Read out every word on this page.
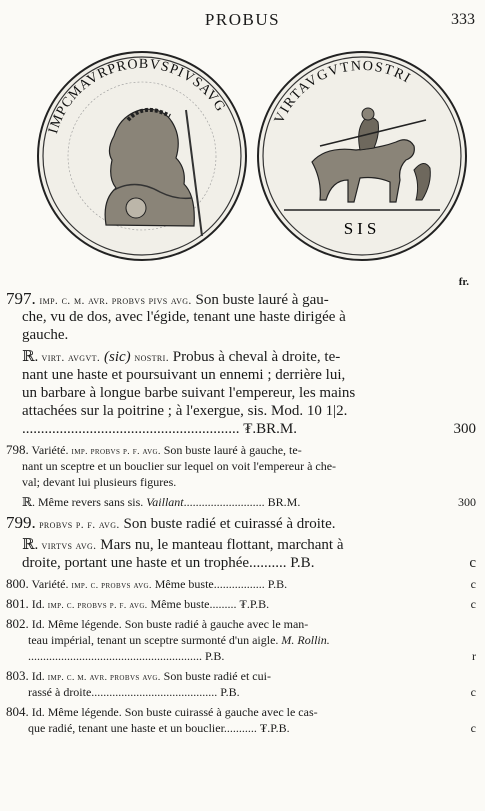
PROBUS	333
IMPCMAVRPROBVSPIVSAVG
VIRTAVGVTNOSTRI
SIS
fr.
797. imp. c. m. avr. probvs pivs avg. Son buste lauré à gau-
che, vu de dos, avec l'égide, tenant une haste dirigée à
gauche.
ℝ. virt. avgvt. (sic) nostri. Probus à cheval à droite, te-
nant une haste et poursuivant un ennemi ; derrière lui,
un barbare à longue barbe suivant l'empereur, les mains
attachées sur la poitrine ; à l'exergue, sis. Mod. 10 1|2.
.......................................................... ₮.BR.M.	300
798. Variété. imp. probvs p. f. avg. Son buste lauré à gauche, te-
nant un sceptre et un bouclier sur lequel on voit l'empereur à che-
val; devant lui plusieurs figures.
ℝ. Même revers sans sis. Vaillant........................... BR.M.	300
799. probvs p. f. avg. Son buste radié et cuirassé à droite.
ℝ. virtvs avg. Mars nu, le manteau flottant, marchant à
droite, portant une haste et un trophée.......... P.B.	c
800. Variété. imp. c. probvs avg. Même buste................. P.B.	c
801. Id. imp. c. probvs p. f. avg. Même buste......... ₮.P.B.	c
802. Id. Même légende. Son buste radié à gauche avec le man-
teau impérial, tenant un sceptre surmonté d'un aigle. M. Rollin.
.......................................................... P.B.	r
803. Id. imp. c. m. avr. probvs avg. Son buste radié et cui-
rassé à droite.......................................... P.B.	c
804. Id. Même légende. Son buste cuirassé à gauche avec le cas-
que radié, tenant une haste et un bouclier........... ₮.P.B.	c
